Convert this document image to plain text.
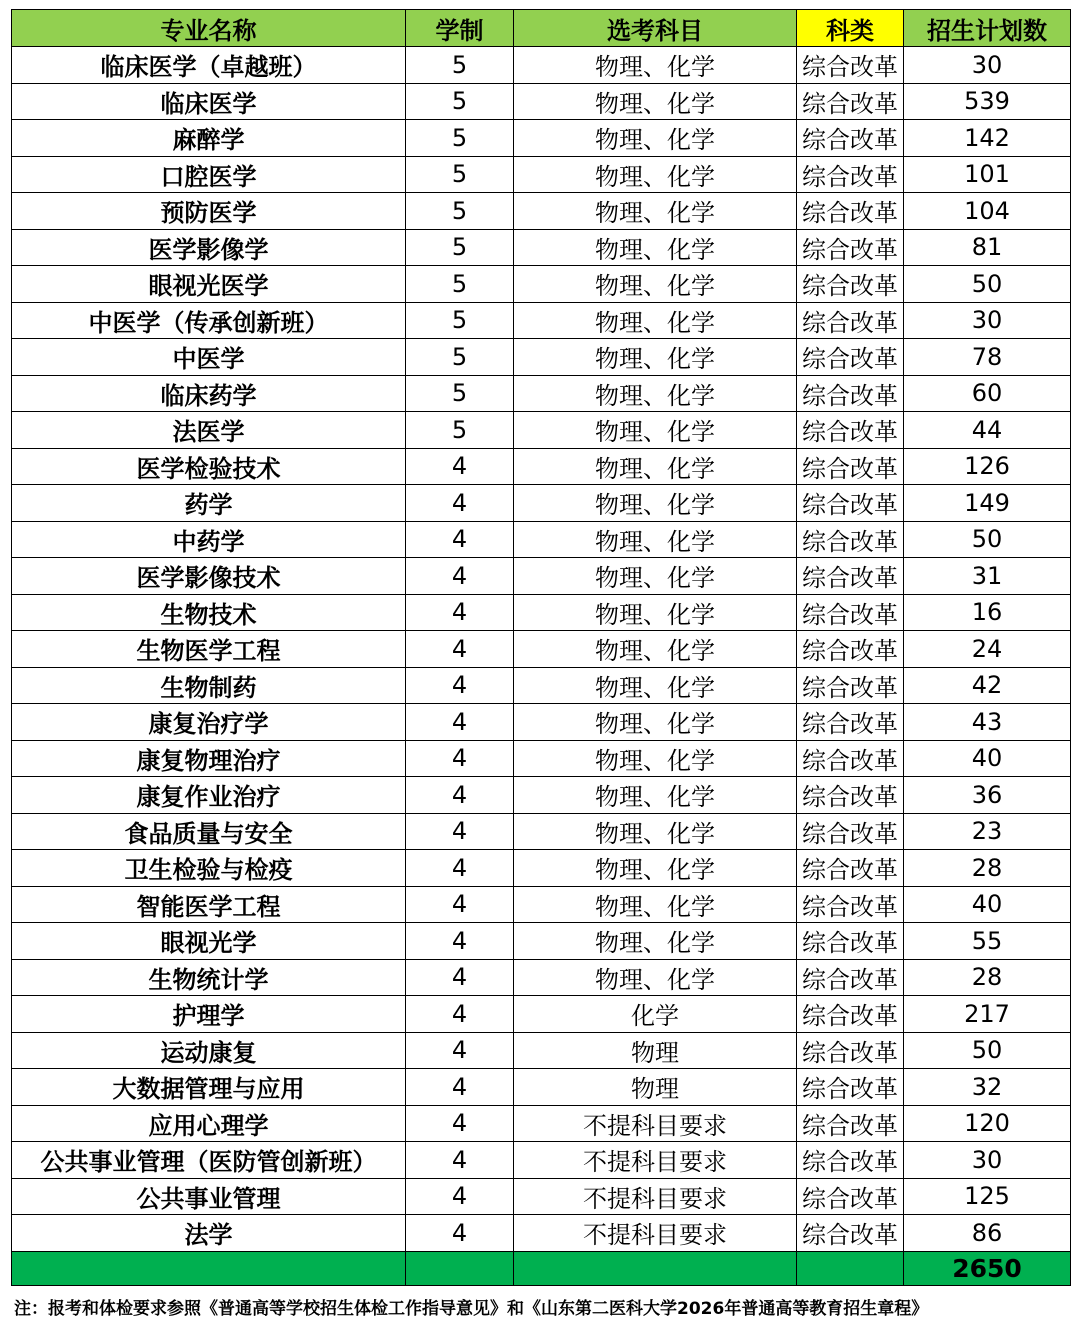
专业名称	学制	选考科目	科类	招生计划数
临床医学（卓越班）	5	物理、化学	综合改革	30
临床医学	5	物理、化学	综合改革	539
麻醉学	5	物理、化学	综合改革	142
口腔医学	5	物理、化学	综合改革	101
预防医学	5	物理、化学	综合改革	104
医学影像学	5	物理、化学	综合改革	81
眼视光医学	5	物理、化学	综合改革	50
中医学（传承创新班）	5	物理、化学	综合改革	30
中医学	5	物理、化学	综合改革	78
临床药学	5	物理、化学	综合改革	60
法医学	5	物理、化学	综合改革	44
医学检验技术	4	物理、化学	综合改革	126
药学	4	物理、化学	综合改革	149
中药学	4	物理、化学	综合改革	50
医学影像技术	4	物理、化学	综合改革	31
生物技术	4	物理、化学	综合改革	16
生物医学工程	4	物理、化学	综合改革	24
生物制药	4	物理、化学	综合改革	42
康复治疗学	4	物理、化学	综合改革	43
康复物理治疗	4	物理、化学	综合改革	40
康复作业治疗	4	物理、化学	综合改革	36
食品质量与安全	4	物理、化学	综合改革	23
卫生检验与检疫	4	物理、化学	综合改革	28
智能医学工程	4	物理、化学	综合改革	40
眼视光学	4	物理、化学	综合改革	55
生物统计学	4	物理、化学	综合改革	28
护理学	4	化学	综合改革	217
运动康复	4	物理	综合改革	50
大数据管理与应用	4	物理	综合改革	32
应用心理学	4	不提科目要求	综合改革	120
公共事业管理（医防管创新班）	4	不提科目要求	综合改革	30
公共事业管理	4	不提科目要求	综合改革	125
法学	4	不提科目要求	综合改革	86
				2650
注：报考和体检要求参照《普通高等学校招生体检工作指导意见》和《山东第二医科大学2026年普通高等教育招生章程》
